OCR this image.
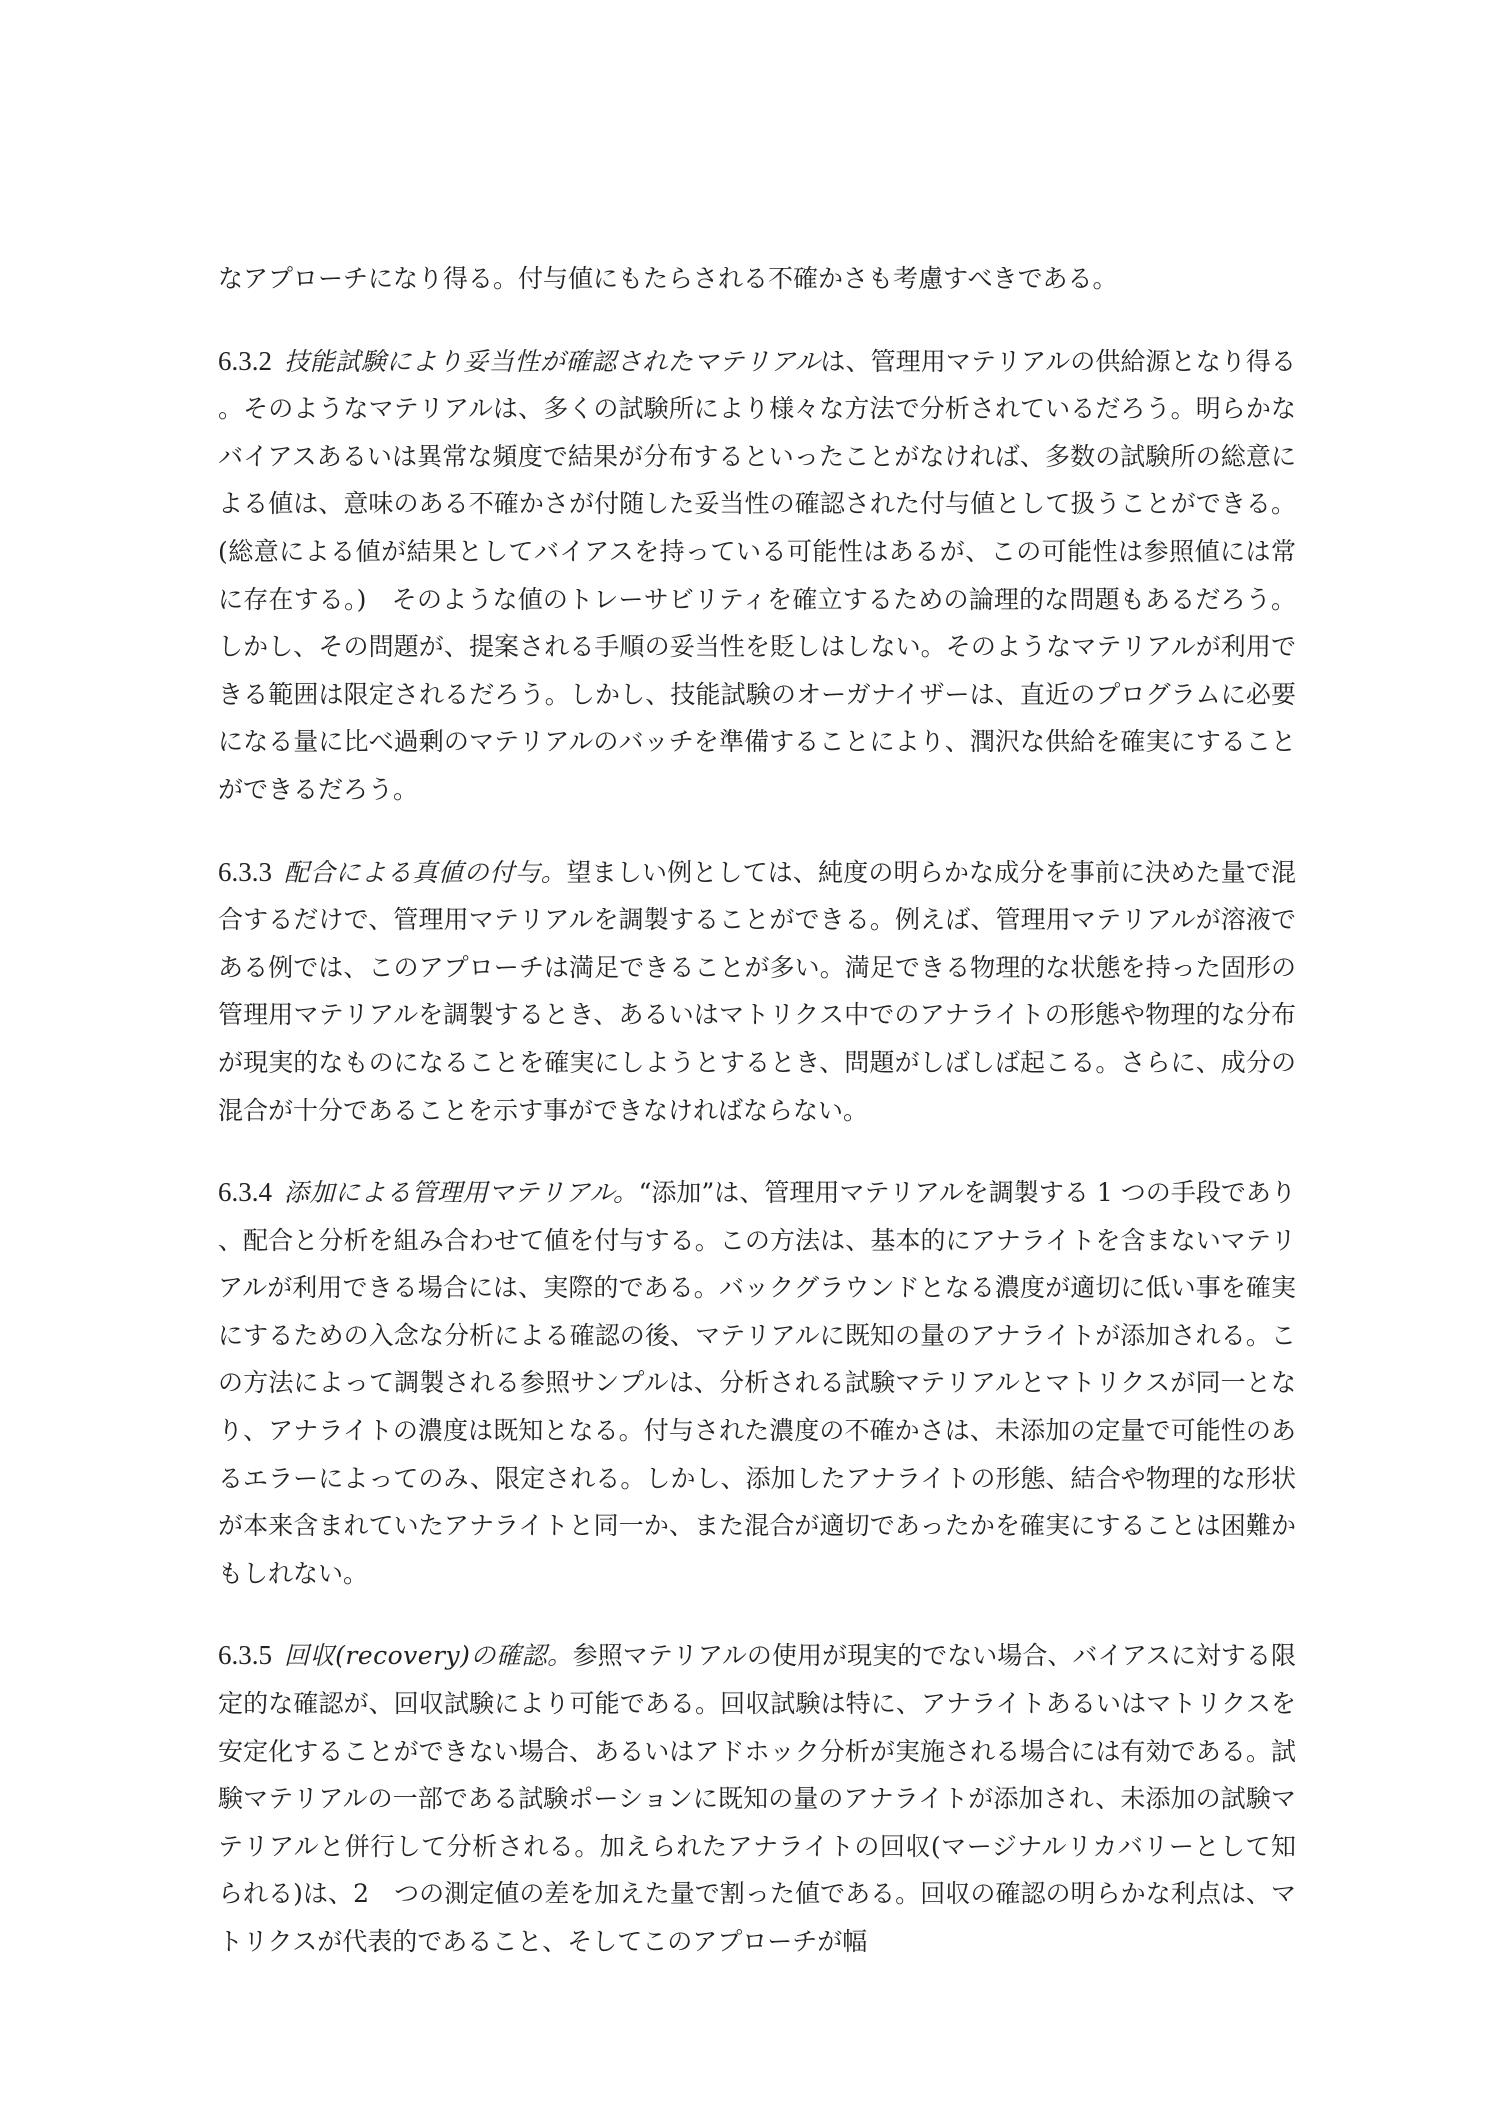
なアプローチになり得る。付与値にもたらされる不確かさも考慮すべきである。

6.3.2 技能試験により妥当性が確認されたマテリアルは、管理用マテリアルの供給源となり得る。そのようなマテリアルは、多くの試験所により様々な方法で分析されているだろう。明らかなバイアスあるいは異常な頻度で結果が分布するといったことがなければ、多数の試験所の総意による値は、意味のある不確かさが付随した妥当性の確認された付与値として扱うことができる。(総意による値が結果としてバイアスを持っている可能性はあるが、この可能性は参照値には常に存在する。)　そのような値のトレーサビリティを確立するための論理的な問題もあるだろう。しかし、その問題が、提案される手順の妥当性を貶しはしない。そのようなマテリアルが利用できる範囲は限定されるだろう。しかし、技能試験のオーガナイザーは、直近のプログラムに必要になる量に比べ過剰のマテリアルのバッチを準備することにより、潤沢な供給を確実にすることができるだろう。

6.3.3 配合による真値の付与。望ましい例としては、純度の明らかな成分を事前に決めた量で混合するだけで、管理用マテリアルを調製することができる。例えば、管理用マテリアルが溶液である例では、このアプローチは満足できることが多い。満足できる物理的な状態を持った固形の管理用マテリアルを調製するとき、あるいはマトリクス中でのアナライトの形態や物理的な分布が現実的なものになることを確実にしようとするとき、問題がしばしば起こる。さらに、成分の混合が十分であることを示す事ができなければならない。

6.3.4 添加による管理用マテリアル。“添加”は、管理用マテリアルを調製する 1 つの手段であり、配合と分析を組み合わせて値を付与する。この方法は、基本的にアナライトを含まないマテリアルが利用できる場合には、実際的である。バックグラウンドとなる濃度が適切に低い事を確実にするための入念な分析による確認の後、マテリアルに既知の量のアナライトが添加される。この方法によって調製される参照サンプルは、分析される試験マテリアルとマトリクスが同一となり、アナライトの濃度は既知となる。付与された濃度の不確かさは、未添加の定量で可能性のあるエラーによってのみ、限定される。しかし、添加したアナライトの形態、結合や物理的な形状が本来含まれていたアナライトと同一か、また混合が適切であったかを確実にすることは困難かもしれない。

6.3.5 回収(recovery)の確認。参照マテリアルの使用が現実的でない場合、バイアスに対する限定的な確認が、回収試験により可能である。回収試験は特に、アナライトあるいはマトリクスを安定化することができない場合、あるいはアドホック分析が実施される場合には有効である。試験マテリアルの一部である試験ポーションに既知の量のアナライトが添加され、未添加の試験マテリアルと併行して分析される。加えられたアナライトの回収(マージナルリカバリーとして知られる)は、2　つの測定値の差を加えた量で割った値である。回収の確認の明らかな利点は、マトリクスが代表的であること、そしてこのアプローチが幅
